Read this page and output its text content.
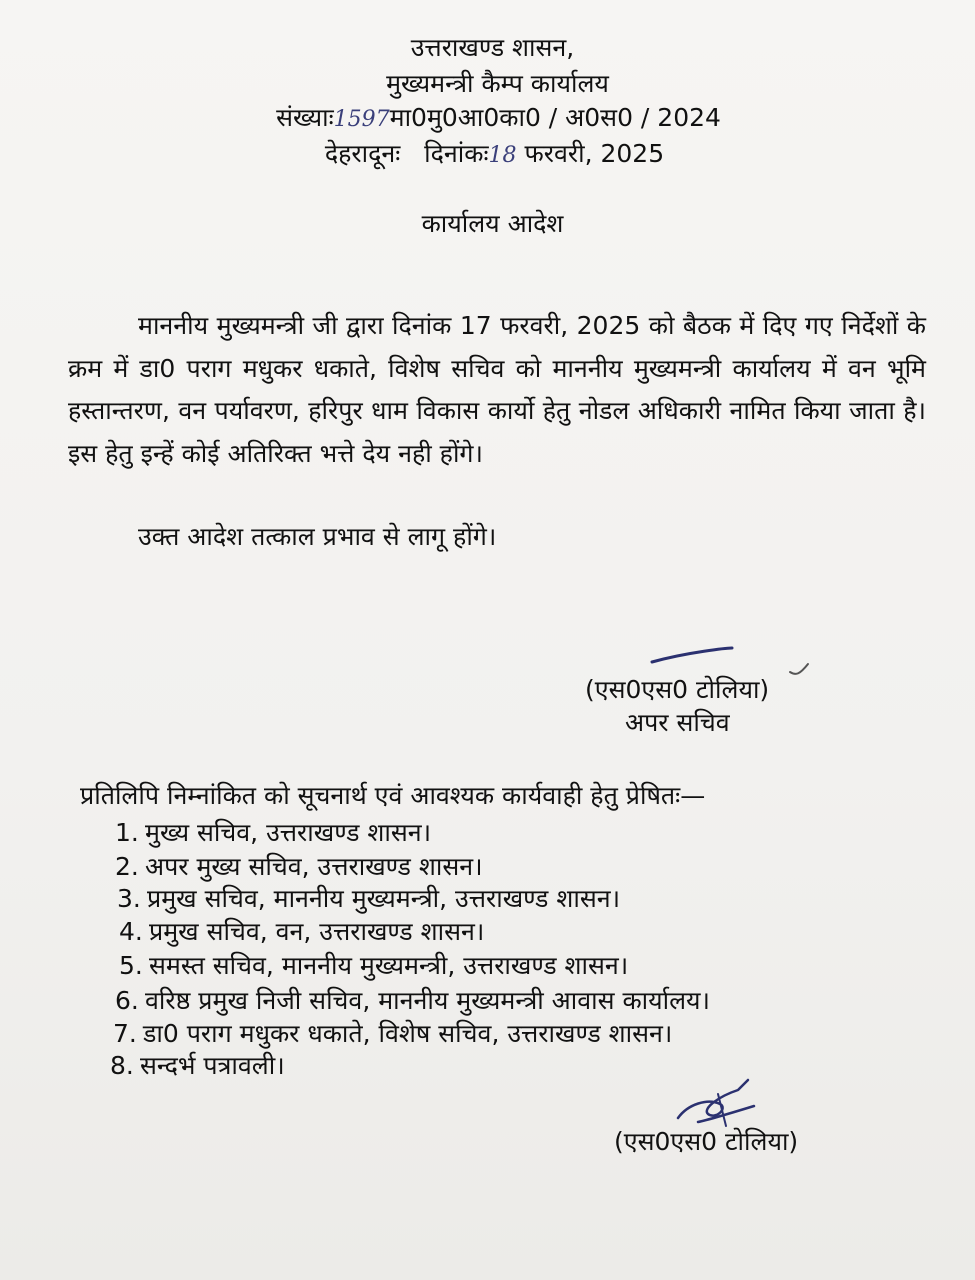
उत्तराखण्ड शासन,
मुख्यमन्त्री कैम्प कार्यालय
संख्याः1597मा0मु0आ0का0 / अ0स0 / 2024
देहरादूनः दिनांकः18 फरवरी, 2025
कार्यालय आदेश
माननीय मुख्यमन्त्री जी द्वारा दिनांक 17 फरवरी, 2025 को बैठक में दिए गए निर्देशों के क्रम में डा0 पराग मधुकर धकाते, विशेष सचिव को माननीय मुख्यमन्त्री कार्यालय में वन भूमि हस्तान्तरण, वन पर्यावरण, हरिपुर धाम विकास कार्यो हेतु नोडल अधिकारी नामित किया जाता है। इस हेतु इन्हें कोई अतिरिक्त भत्ते देय नही होंगे।
उक्त आदेश तत्काल प्रभाव से लागू होंगे।
(एस0एस0 टोलिया)
अपर सचिव
प्रतिलिपि निम्नांकित को सूचनार्थ एवं आवश्यक कार्यवाही हेतु प्रेषितः—
1. मुख्य सचिव, उत्तराखण्ड शासन।
2. अपर मुख्य सचिव, उत्तराखण्ड शासन।
3. प्रमुख सचिव, माननीय मुख्यमन्त्री, उत्तराखण्ड शासन।
4. प्रमुख सचिव, वन, उत्तराखण्ड शासन।
5. समस्त सचिव, माननीय मुख्यमन्त्री, उत्तराखण्ड शासन।
6. वरिष्ठ प्रमुख निजी सचिव, माननीय मुख्यमन्त्री आवास कार्यालय।
7. डा0 पराग मधुकर धकाते, विशेष सचिव, उत्तराखण्ड शासन।
8. सन्दर्भ पत्रावली।
(एस0एस0 टोलिया)
